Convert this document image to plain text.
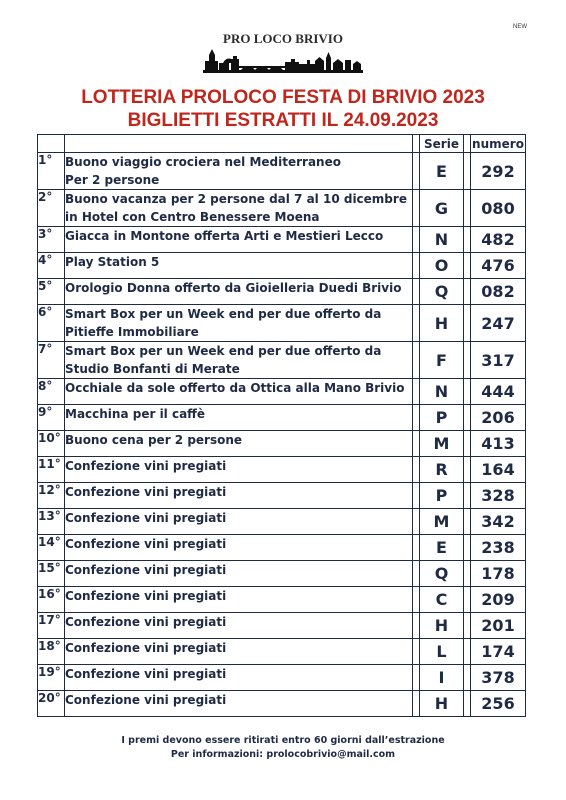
NEW
PRO LOCO BRIVIO
LOTTERIA PROLOCO FESTA DI BRIVIO 2023
BIGLIETTI ESTRATTI IL 24.09.2023
			Serie		numero
1°	Buono viaggio crociera nel Mediterraneo
Per 2 persone		E		292
2°	Buono vacanza per 2 persone dal 7 al 10 dicembre
in Hotel con Centro Benessere Moena		G		080
3°	Giacca in Montone offerta Arti e Mestieri Lecco		N		482
4°	Play Station 5		O		476
5°	Orologio Donna offerto da Gioielleria Duedi Brivio		Q		082
6°	Smart Box per un Week end per due offerto da
Pitieffe Immobiliare		H		247
7°	Smart Box per un Week end per due offerto da
Studio Bonfanti di Merate		F		317
8°	Occhiale da sole offerto da Ottica alla Mano Brivio		N		444
9°	Macchina per il caffè		P		206
10°	Buono cena per 2 persone		M		413
11°	Confezione vini pregiati		R		164
12°	Confezione vini pregiati		P		328
13°	Confezione vini pregiati		M		342
14°	Confezione vini pregiati		E		238
15°	Confezione vini pregiati		Q		178
16°	Confezione vini pregiati		C		209
17°	Confezione vini pregiati		H		201
18°	Confezione vini pregiati		L		174
19°	Confezione vini pregiati		I		378
20°	Confezione vini pregiati		H		256
I premi devono essere ritirati entro 60 giorni dall’estrazione
Per informazioni: prolocobrivio@mail.com
